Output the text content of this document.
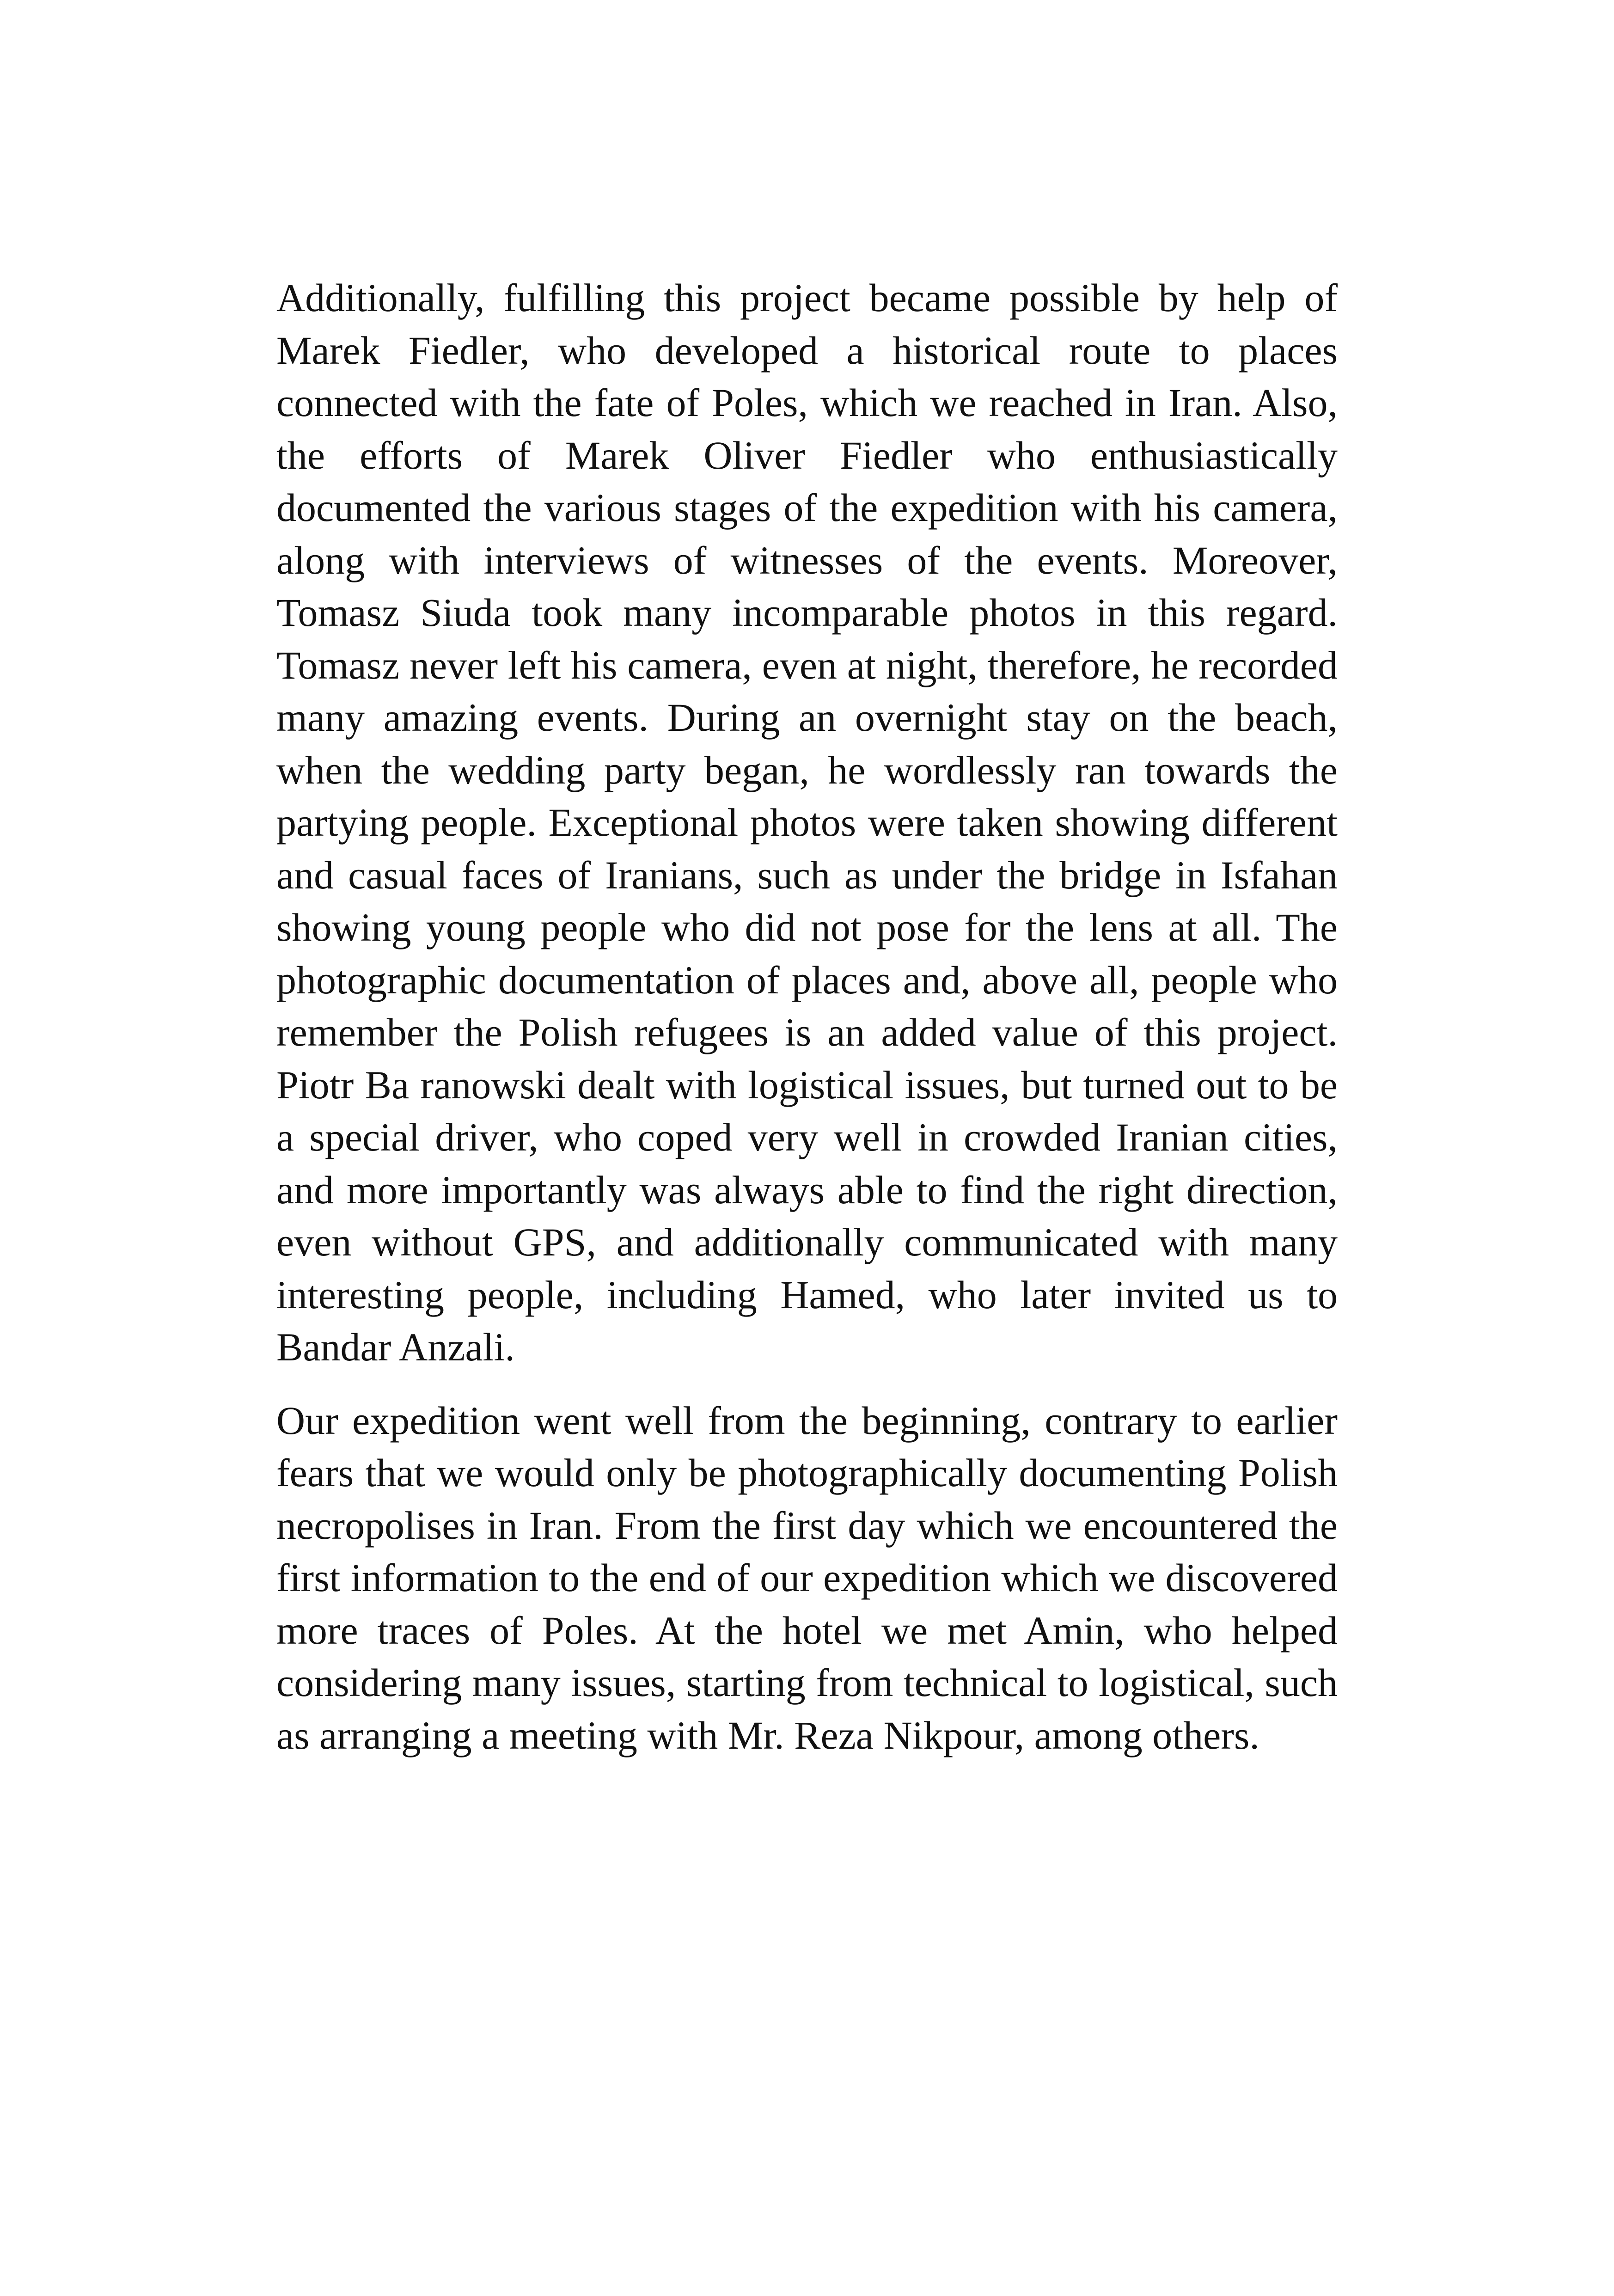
Additionally, fulfilling this project became possible by help of Marek Fiedler, who developed a historical route to places connected with the fate of Poles, which we reached in Iran. Also, the efforts of Marek Oliver Fiedler who enthusiastically documented the various stages of the expedition with his camera, along with interviews of witnesses of the events. Moreover, Tomasz Siuda took many incomparable photos in this regard. Tomasz never left his camera, even at night, therefore, he recorded many amazing events. During an overnight stay on the beach, when the wedding party began, he wordlessly ran towards the partying people. Exceptional photos were taken showing different and casual faces of Iranians, such as under the bridge in Isfahan showing young people who did not pose for the lens at all. The photographic documentation of places and, above all, people who remember the Polish refugees is an added value of this project. Piotr Ba ranowski dealt with logistical issues, but turned out to be a special driver, who coped very well in crowded Iranian cities, and more importantly was always able to find the right direction, even without GPS, and additionally communicated with many interesting people, including Hamed, who later invited us to Bandar Anzali.

Our expedition went well from the beginning, contrary to earlier fears that we would only be photographically documenting Polish necropolises in Iran. From the first day which we encountered the first information to the end of our expedition which we discovered more traces of Poles. At the hotel we met Amin, who helped considering many issues, starting from technical to logistical, such as arranging a meeting with Mr. Reza Nikpour, among others.
